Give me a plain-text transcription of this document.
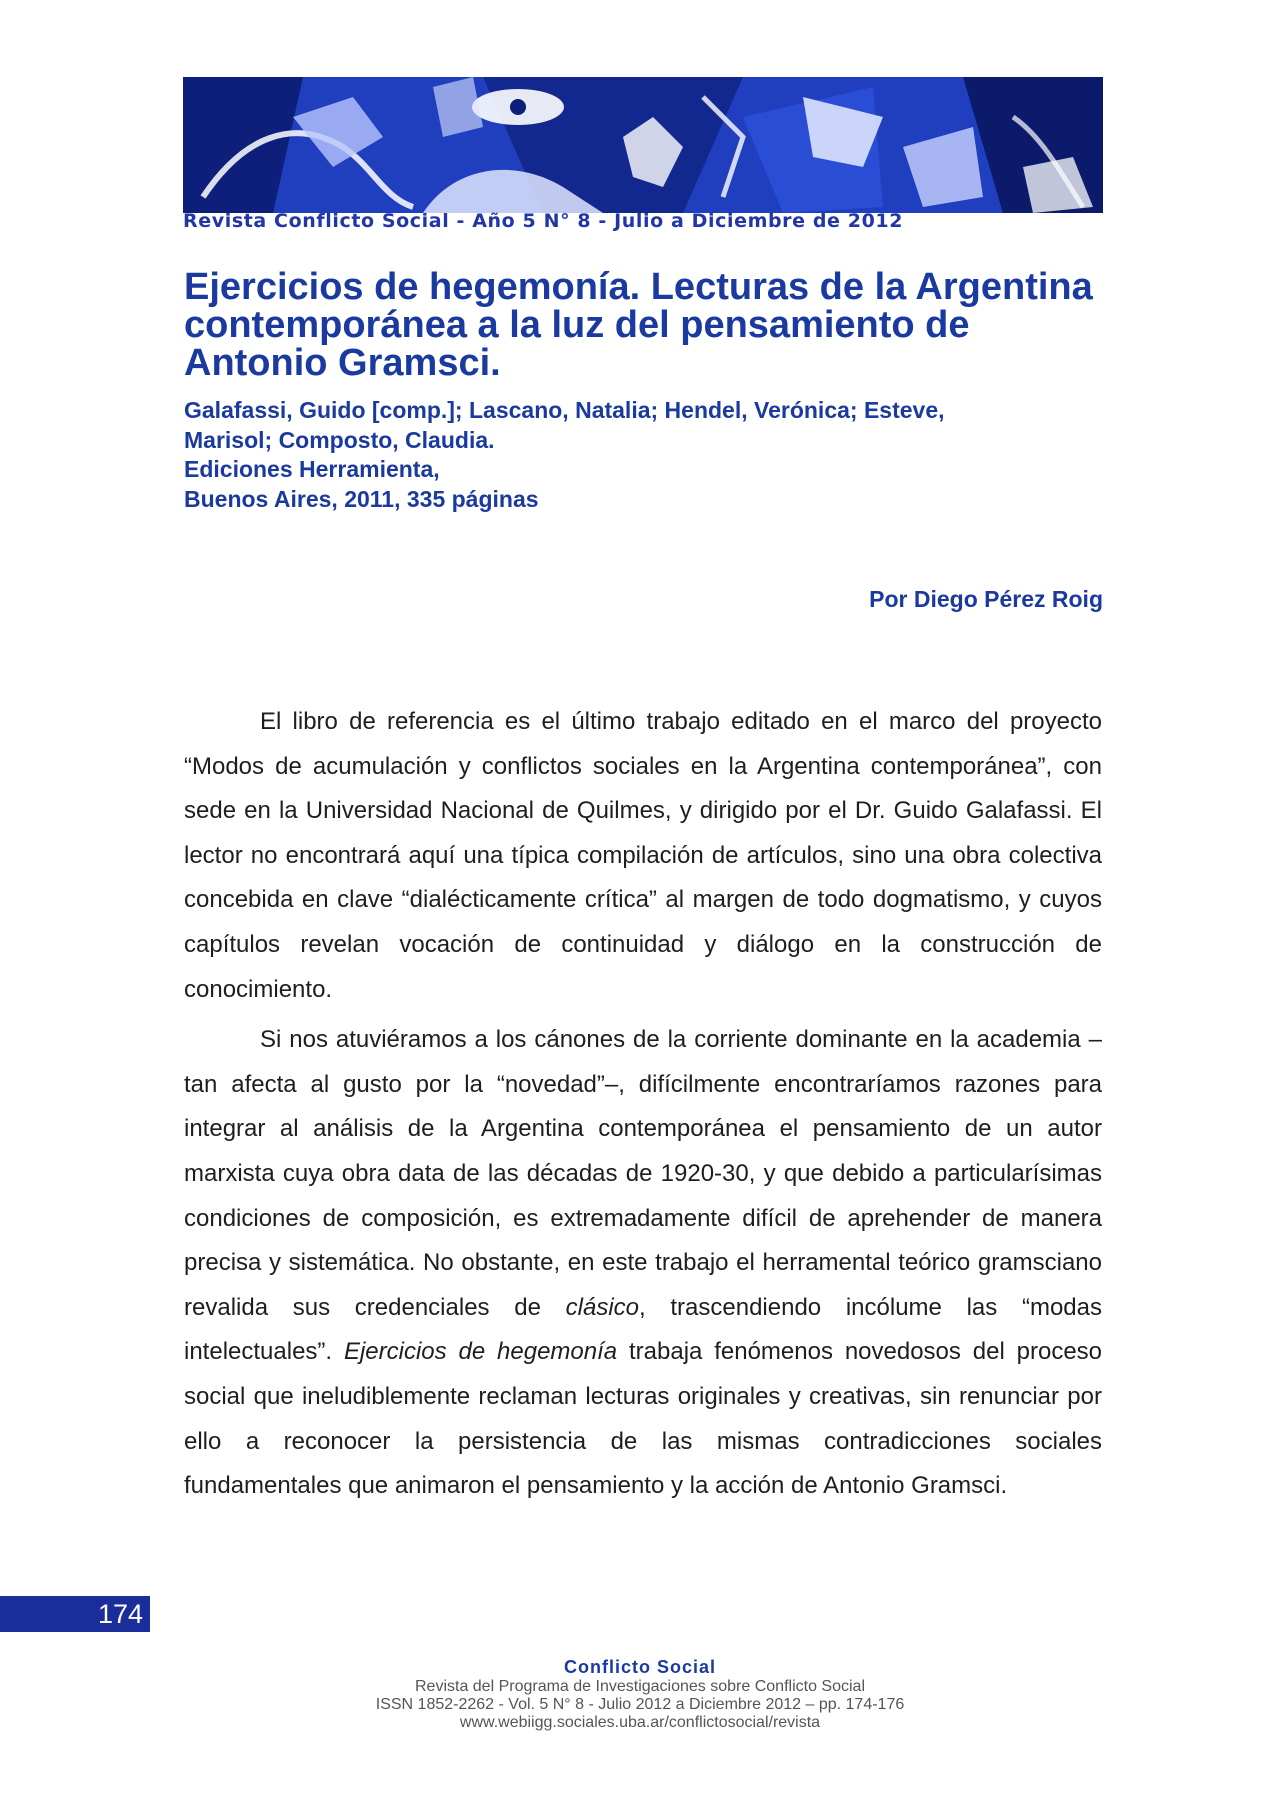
Revista Conflicto Social - Año 5 N° 8 - Julio a Diciembre de 2012
Ejercicios de hegemonía. Lecturas de la Argentina contemporánea a la luz del pensamiento de Antonio Gramsci.
Galafassi, Guido [comp.]; Lascano, Natalia; Hendel, Verónica; Esteve,
Marisol; Composto, Claudia.
Ediciones Herramienta,
Buenos Aires, 2011, 335 páginas
Por Diego Pérez Roig

El libro de referencia es el último trabajo editado en el marco del proyecto “Modos de acumulación y conflictos sociales en la Argentina contemporánea”, con sede en la Universidad Nacional de Quilmes, y dirigido por el Dr. Guido Galafassi. El lector no encontrará aquí una típica compilación de artículos, sino una obra colectiva concebida en clave “dialécticamente crítica” al margen de todo dogmatismo, y cuyos capítulos revelan vocación de continuidad y diálogo en la construcción de conocimiento.

Si nos atuviéramos a los cánones de la corriente dominante en la academia –tan afecta al gusto por la “novedad”–, difícilmente encontraríamos razones para integrar al análisis de la Argentina contemporánea el pensamiento de un autor marxista cuya obra data de las décadas de 1920-30, y que debido a particularísimas condiciones de composición, es extremadamente difícil de aprehender de manera precisa y sistemática. No obstante, en este trabajo el herramental teórico gramsciano revalida sus credenciales de clásico, trascendiendo incólume las “modas intelectuales”. Ejercicios de hegemonía trabaja fenómenos novedosos del proceso social que ineludiblemente reclaman lecturas originales y creativas, sin renunciar por ello a reconocer la persistencia de las mismas contradicciones sociales fundamentales que animaron el pensamiento y la acción de Antonio Gramsci.

174
Conflicto Social
Revista del Programa de Investigaciones sobre Conflicto Social
ISSN 1852-2262 - Vol. 5 N° 8 - Julio 2012 a Diciembre 2012 – pp. 174-176
www.webiigg.sociales.uba.ar/conflictosocial/revista
